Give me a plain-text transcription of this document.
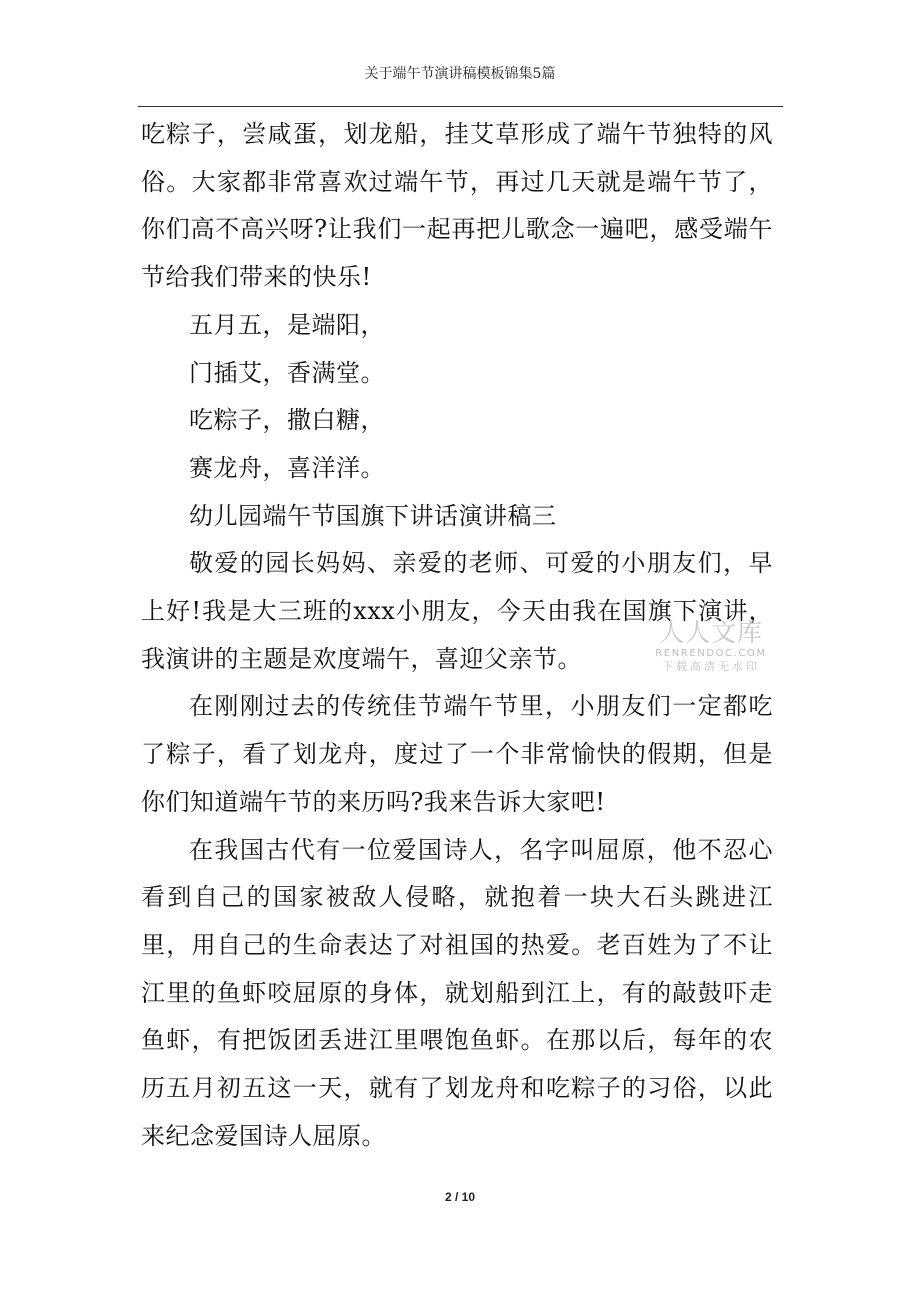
关于端午节演讲稿模板锦集5篇

吃粽子，尝咸蛋，划龙船，挂艾草形成了端午节独特的风俗。大家都非常喜欢过端午节，再过几天就是端午节了，你们高不高兴呀?让我们一起再把儿歌念一遍吧，感受端午节给我们带来的快乐!

五月五，是端阳，

门插艾，香满堂。

吃粽子，撒白糖，

赛龙舟，喜洋洋。

幼儿园端午节国旗下讲话演讲稿三

敬爱的园长妈妈、亲爱的老师、可爱的小朋友们，早上好!我是大三班的xxx小朋友，今天由我在国旗下演讲，我演讲的主题是欢度端午，喜迎父亲节。

在刚刚过去的传统佳节端午节里，小朋友们一定都吃了粽子，看了划龙舟，度过了一个非常愉快的假期，但是你们知道端午节的来历吗?我来告诉大家吧!

在我国古代有一位爱国诗人，名字叫屈原，他不忍心看到自己的国家被敌人侵略，就抱着一块大石头跳进江里，用自己的生命表达了对祖国的热爱。老百姓为了不让江里的鱼虾咬屈原的身体，就划船到江上，有的敲鼓吓走鱼虾，有把饭团丢进江里喂饱鱼虾。在那以后，每年的农历五月初五这一天，就有了划龙舟和吃粽子的习俗，以此来纪念爱国诗人屈原。

人人文库
RENRENDOC.COM
下载高清无水印
2 / 10
